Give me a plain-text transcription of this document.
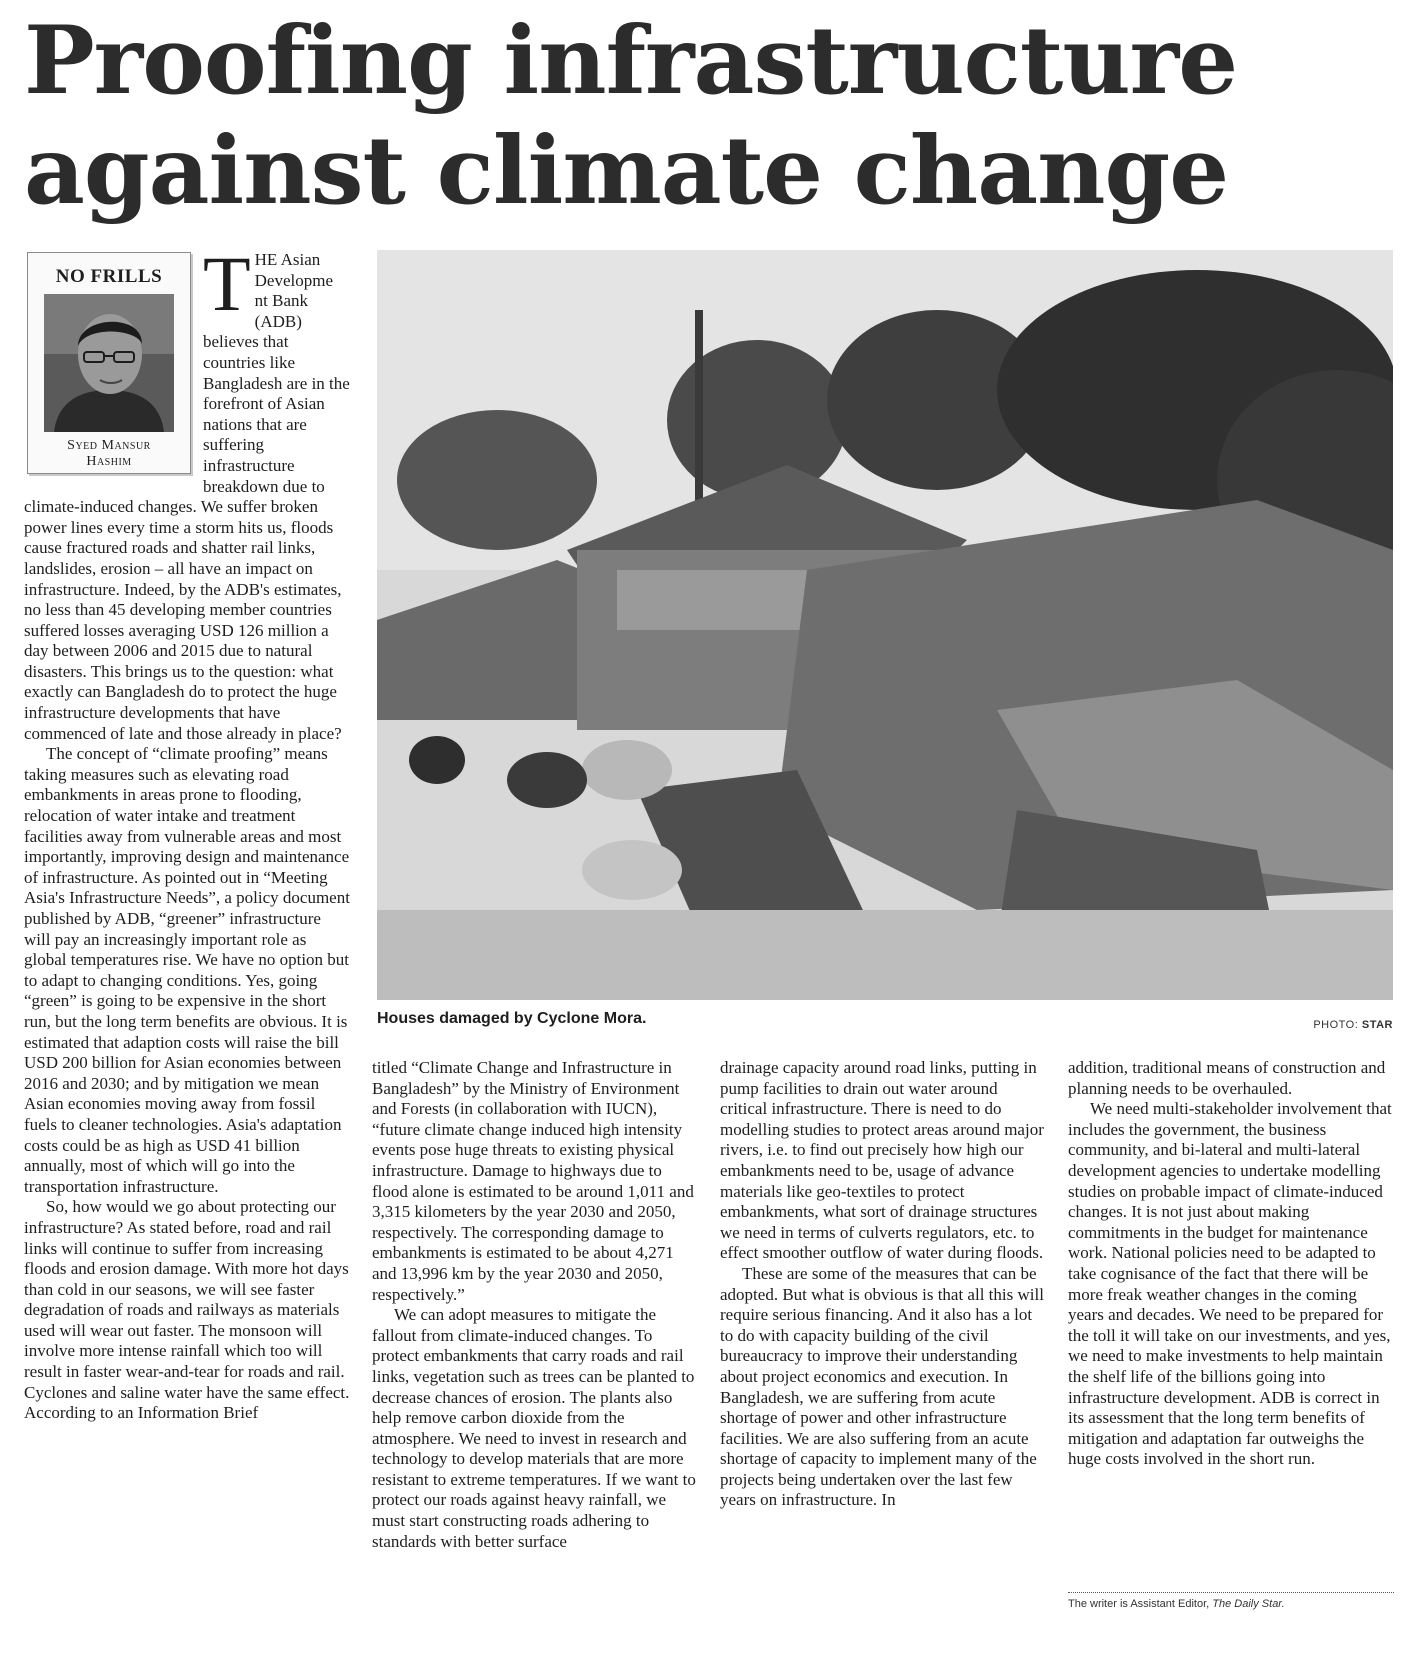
Proofing infrastructure
against climate change
NO FRILLS
Syed Mansur
Hashim

THE Asian Developme nt Bank (ADB) believes that countries like Bangladesh are in the forefront of Asian nations that are suffering infrastructure breakdown due to climate-induced changes. We suffer broken power lines every time a storm hits us, floods cause fractured roads and shatter rail links, landslides, erosion – all have an impact on infrastructure. Indeed, by the ADB's estimates, no less than 45 developing member countries suffered losses averaging USD 126 million a day between 2006 and 2015 due to natural disasters. This brings us to the question: what exactly can Bangladesh do to protect the huge infrastructure developments that have commenced of late and those already in place?

The concept of “climate proofing” means taking measures such as elevating road embankments in areas prone to flooding, relocation of water intake and treatment facilities away from vulnerable areas and most importantly, improving design and maintenance of infrastructure. As pointed out in “Meeting Asia's Infrastructure Needs”, a policy document published by ADB, “greener” infrastructure will pay an increasingly important role as global temperatures rise. We have no option but to adapt to changing conditions. Yes, going “green” is going to be expensive in the short run, but the long term benefits are obvious. It is estimated that adaption costs will raise the bill USD 200 billion for Asian economies between 2016 and 2030; and by mitigation we mean Asian economies moving away from fossil fuels to cleaner technologies. Asia's adaptation costs could be as high as USD 41 billion annually, most of which will go into the transportation infrastructure.

So, how would we go about protecting our infrastructure? As stated before, road and rail links will continue to suffer from increasing floods and erosion damage. With more hot days than cold in our seasons, we will see faster degradation of roads and railways as materials used will wear out faster. The monsoon will involve more intense rainfall which too will result in faster wear-and-tear for roads and rail. Cyclones and saline water have the same effect. According to an Information Brief

Houses damaged by Cyclone Mora.	PHOTO: STAR

titled “Climate Change and Infrastructure in Bangladesh” by the Ministry of Environment and Forests (in collaboration with IUCN), “future climate change induced high intensity events pose huge threats to existing physical infrastructure. Damage to highways due to flood alone is estimated to be around 1,011 and 3,315 kilometers by the year 2030 and 2050, respectively. The corresponding damage to embankments is estimated to be about 4,271 and 13,996 km by the year 2030 and 2050, respectively.”

We can adopt measures to mitigate the fallout from climate-induced changes. To protect embankments that carry roads and rail links, vegetation such as trees can be planted to decrease chances of erosion. The plants also help remove carbon dioxide from the atmosphere. We need to invest in research and technology to develop materials that are more resistant to extreme temperatures. If we want to protect our roads against heavy rainfall, we must start constructing roads adhering to standards with better surface

drainage capacity around road links, putting in pump facilities to drain out water around critical infrastructure. There is need to do modelling studies to protect areas around major rivers, i.e. to find out precisely how high our embankments need to be, usage of advance materials like geo-textiles to protect embankments, what sort of drainage structures we need in terms of culverts regulators, etc. to effect smoother outflow of water during floods.

These are some of the measures that can be adopted. But what is obvious is that all this will require serious financing. And it also has a lot to do with capacity building of the civil bureaucracy to improve their understanding about project economics and execution. In Bangladesh, we are suffering from acute shortage of power and other infrastructure facilities. We are also suffering from an acute shortage of capacity to implement many of the projects being undertaken over the last few years on infrastructure. In

addition, traditional means of construction and planning needs to be overhauled.

We need multi-stakeholder involvement that includes the government, the business community, and bi-lateral and multi-lateral development agencies to undertake modelling studies on probable impact of climate-induced changes. It is not just about making commitments in the budget for maintenance work. National policies need to be adapted to take cognisance of the fact that there will be more freak weather changes in the coming years and decades. We need to be prepared for the toll it will take on our investments, and yes, we need to make investments to help maintain the shelf life of the billions going into infrastructure development. ADB is correct in its assessment that the long term benefits of mitigation and adaptation far outweighs the huge costs involved in the short run.

The writer is Assistant Editor, The Daily Star.
